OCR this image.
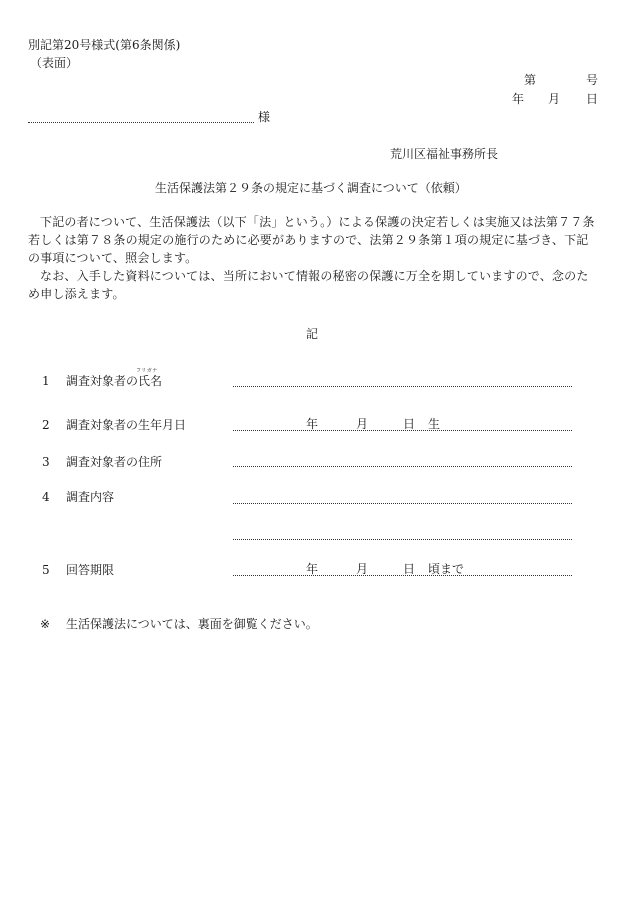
別記第20号様式(第6条関係)
（表面）
第	号
年 月 日
様
荒川区福祉事務所長
生活保護法第２９条の規定に基づく調査について（依頼）
下記の者について、生活保護法（以下「法」という。）による保護の決定若しくは実施又は法第７７条若しくは第７８条の規定の施行のために必要がありますので、法第２９条第１項の規定に基づき、下記の事項について、照会します。
なお、入手した資料については、当所において情報の秘密の保護に万全を期していますので、念のため申し添えます。
記
1 調査対象者の氏名
フリガナ
2 調査対象者の生年月日	年	月	日 生
3 調査対象者の住所
4 調査内容
5 回答期限	年	月	日 頃まで
※ 生活保護法については、裏面を御覧ください。
